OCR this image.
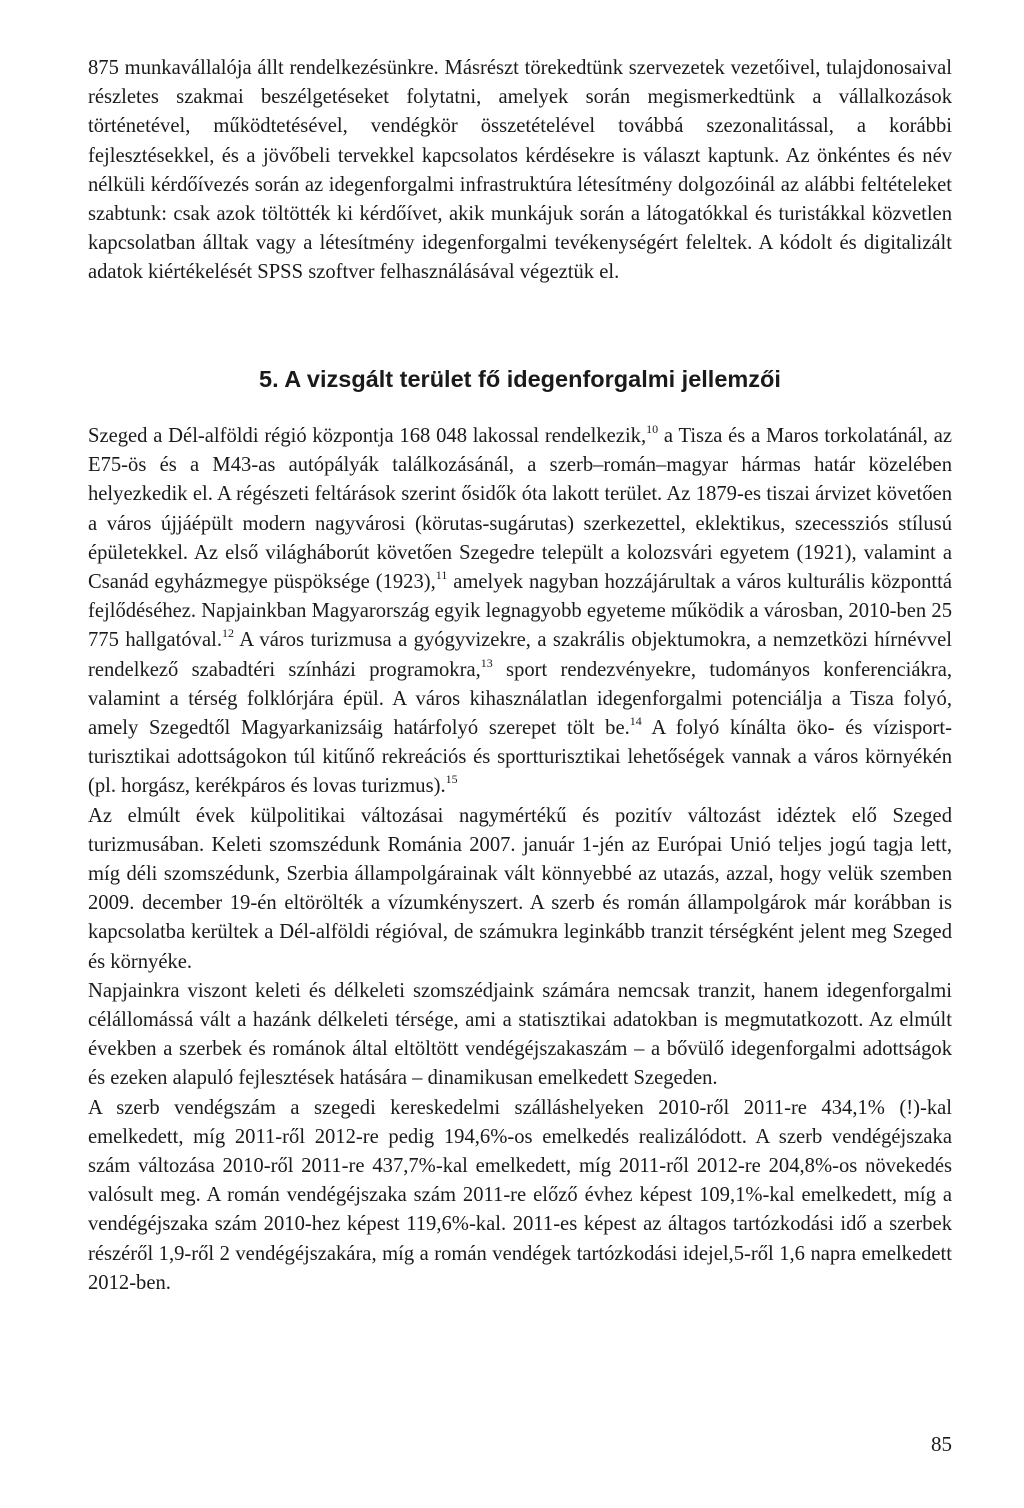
875 munkavállalója állt rendelkezésünkre. Másrészt törekedtünk szervezetek vezetőivel, tulajdonosaival részletes szakmai beszélgetéseket folytatni, amelyek során megismerkedtünk a vállalkozások történetével, működtetésével, vendégkör összetételével továbbá szezonalitással, a korábbi fejlesztésekkel, és a jövőbeli tervekkel kapcsolatos kérdésekre is választ kaptunk. Az önkéntes és név nélküli kérdőívezés során az idegenforgalmi infrastruktúra létesítmény dolgozóinál az alábbi feltételeket szabtunk: csak azok töltötték ki kérdőívet, akik munkájuk során a látogatókkal és turistákkal közvetlen kapcsolatban álltak vagy a létesítmény idegenforgalmi tevékenységért feleltek. A kódolt és digitalizált adatok kiértékelését SPSS szoftver felhasználásával végeztük el.

5. A vizsgált terület fő idegenforgalmi jellemzői

Szeged a Dél-alföldi régió központja 168 048 lakossal rendelkezik,$^{10}$ a Tisza és a Maros torkolatánál, az E75-ös és a M43-as autópályák találkozásánál, a szerb–román–magyar hármas határ közelében helyezkedik el. A régészeti feltárások szerint ősidők óta lakott terület. Az 1879-es tiszai árvizet követően a város újjáépült modern nagyvárosi (körutas-sugárutas) szerkezettel, eklektikus, szecessziós stílusú épületekkel. Az első világháborút követően Szegedre települt a kolozsvári egyetem (1921), valamint a Csanád egyházmegye püspöksége (1923),$^{11}$ amelyek nagyban hozzájárultak a város kulturális központtá fejlődéséhez. Napjainkban Magyarország egyik legnagyobb egyeteme működik a városban, 2010-ben 25 775 hallgatóval.$^{12}$ A város turizmusa a gyógyvizekre, a szakrális objektumokra, a nemzetközi hírnévvel rendelkező szabadtéri színházi programokra,$^{13}$ sport rendezvényekre, tudományos konferenciákra, valamint a térség folklórjára épül. A város kihasználatlan idegenforgalmi potenciálja a Tisza folyó, amely Szegedtől Magyarkanizsáig határfolyó szerepet tölt be.$^{14}$ A folyó kínálta öko- és vízisport-turisztikai adottságokon túl kitűnő rekreációs és sportturisztikai lehetőségek vannak a város környékén (pl. horgász, kerékpáros és lovas turizmus).$^{15}$

Az elmúlt évek külpolitikai változásai nagymértékű és pozitív változást idéztek elő Szeged turizmusában. Keleti szomszédunk Románia 2007. január 1-jén az Európai Unió teljes jogú tagja lett, míg déli szomszédunk, Szerbia állampolgárainak vált könnyebbé az utazás, azzal, hogy velük szemben 2009. december 19-én eltörölték a vízumkényszert. A szerb és román állampolgárok már korábban is kapcsolatba kerültek a Dél-alföldi régióval, de számukra leginkább tranzit térségként jelent meg Szeged és környéke.

Napjainkra viszont keleti és délkeleti szomszédjaink számára nemcsak tranzit, hanem idegenforgalmi célállomássá vált a hazánk délkeleti térsége, ami a statisztikai adatokban is megmutatkozott. Az elmúlt években a szerbek és románok által eltöltött vendégéjszakaszám – a bővülő idegenforgalmi adottságok és ezeken alapuló fejlesztések hatására – dinamikusan emelkedett Szegeden.

A szerb vendégszám a szegedi kereskedelmi szálláshelyeken 2010-ről 2011-re 434,1% (!)-kal emelkedett, míg 2011-ről 2012-re pedig 194,6%-os emelkedés realizálódott. A szerb vendégéjszaka szám változása 2010-ről 2011-re 437,7%-kal emelkedett, míg 2011-ről 2012-re 204,8%-os növekedés valósult meg. A román vendégéjszaka szám 2011-re előző évhez képest 109,1%-kal emelkedett, míg a vendégéjszaka szám 2010-hez képest 119,6%-kal. 2011-es képest az áltagos tartózkodási idő a szerbek részéről 1,9-ről 2 vendégéjszakára, míg a román vendégek tartózkodási idejel,5-ről 1,6 napra emelkedett 2012-ben.

85
